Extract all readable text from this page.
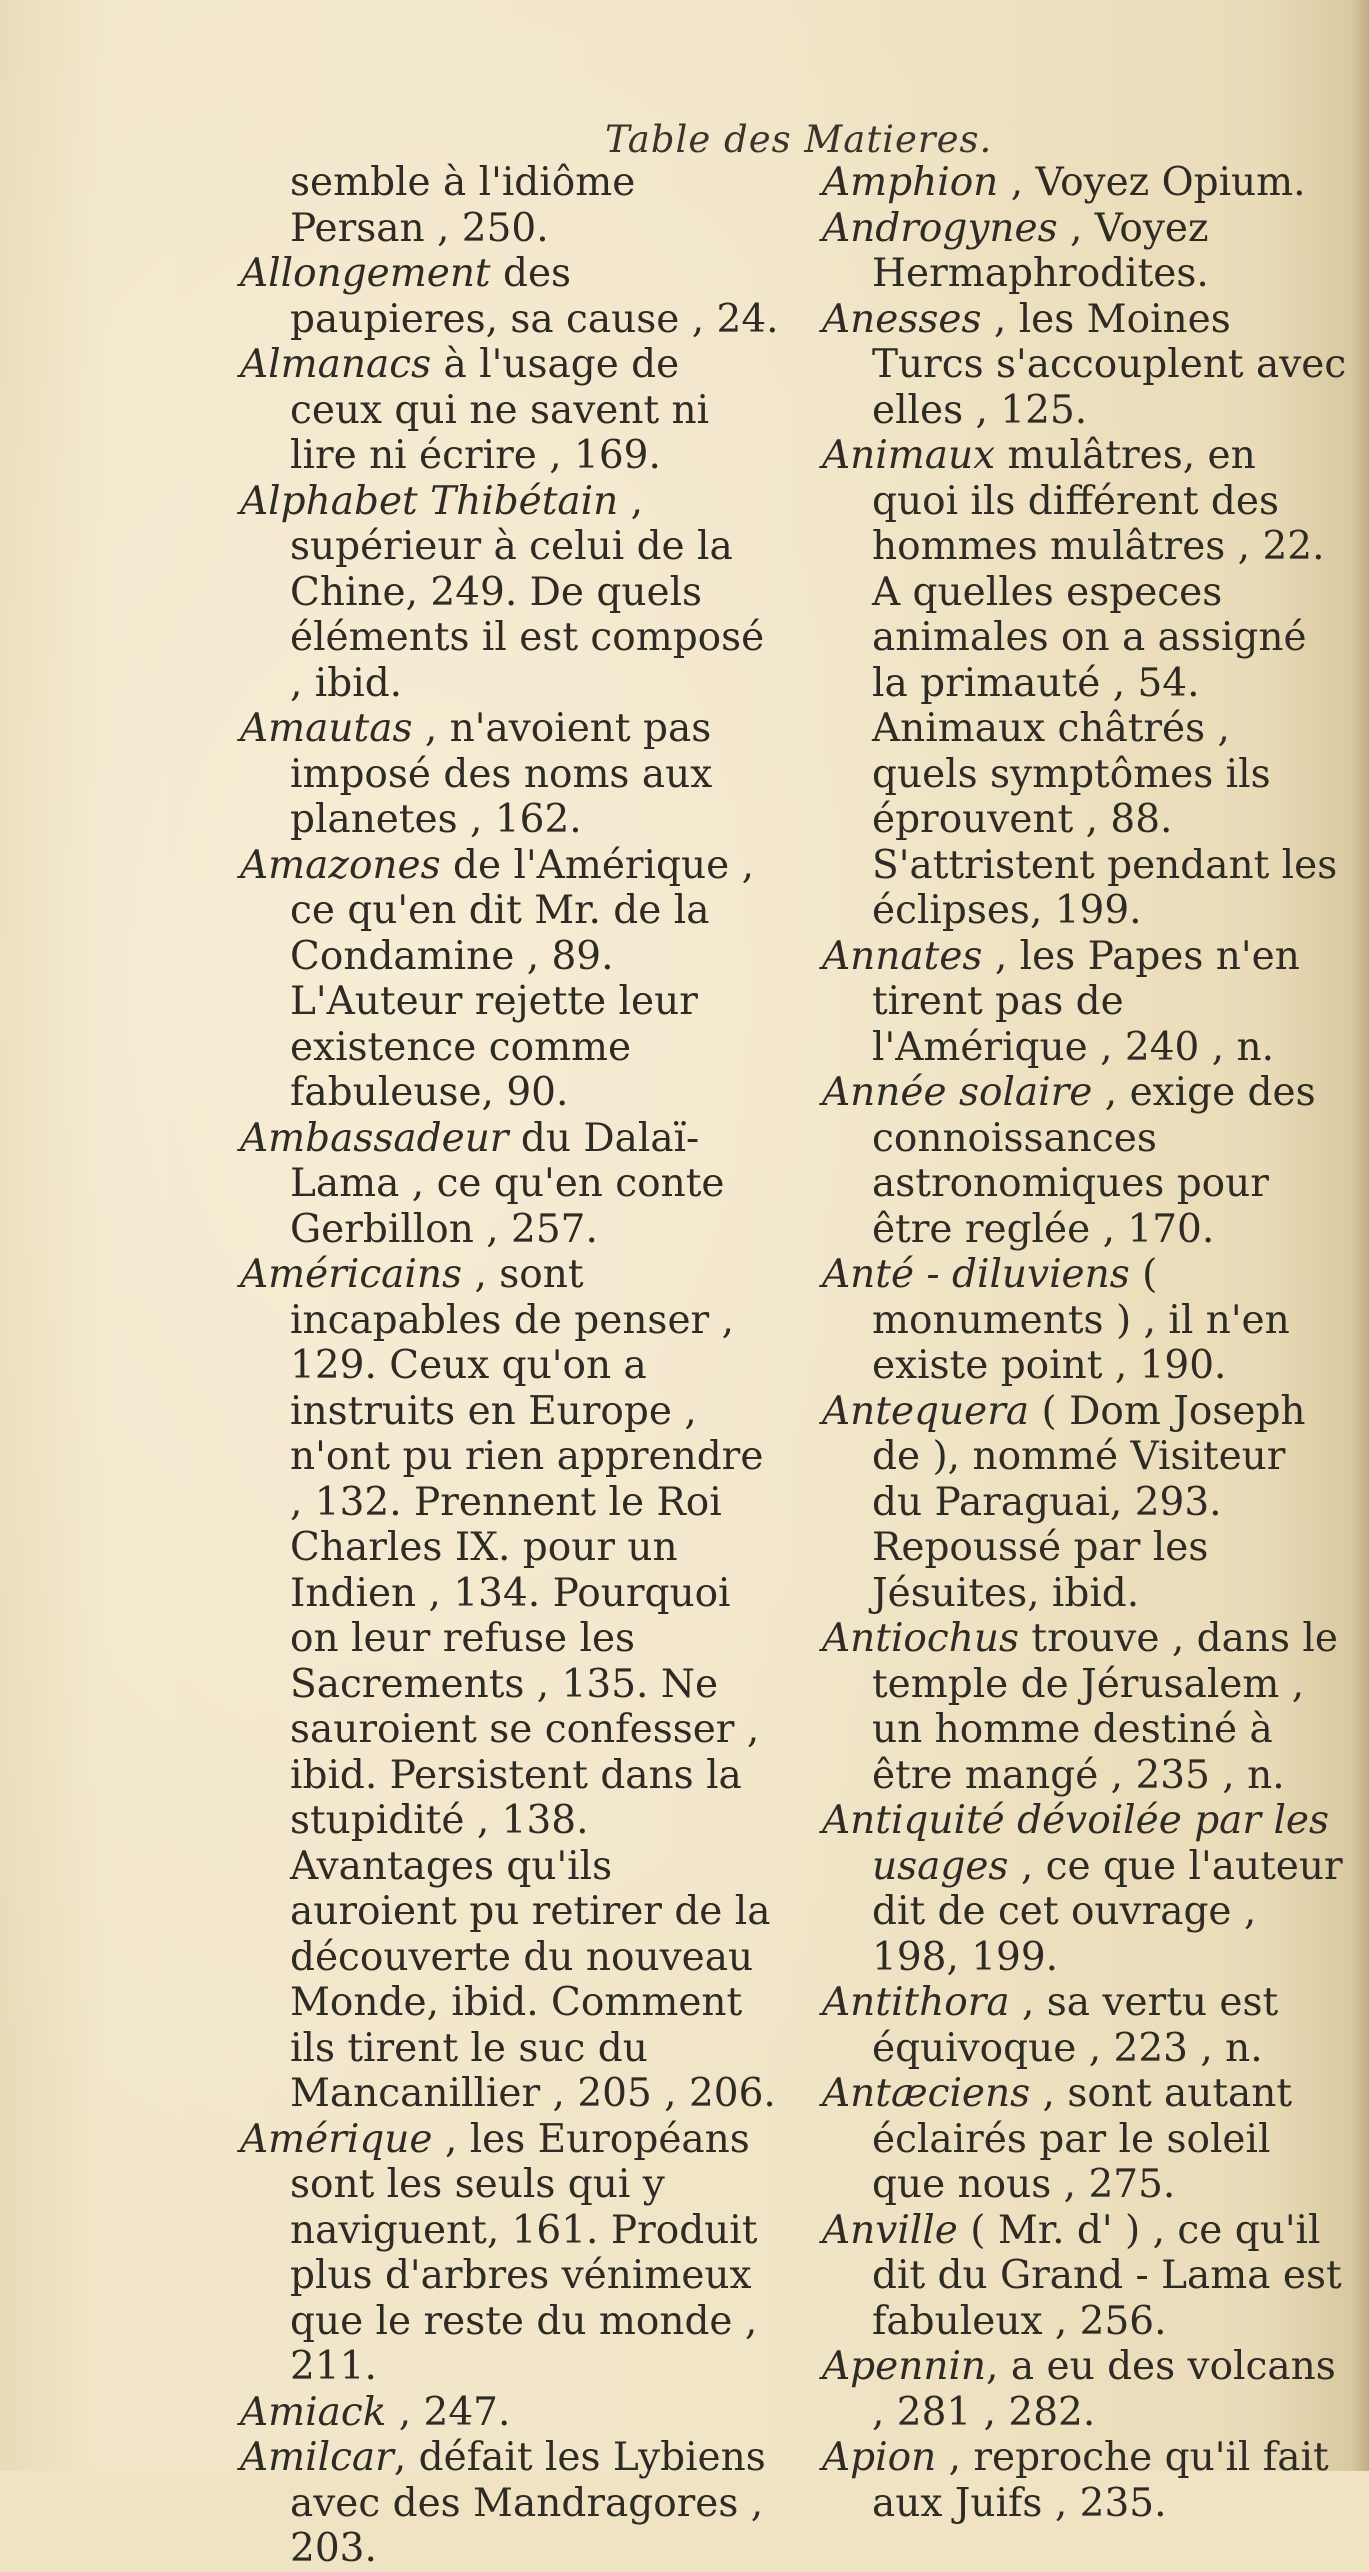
Table des Matieres.

semble à l'idiôme Persan , 250.

Allongement des paupieres, sa cause , 24.

Almanacs à l'usage de ceux qui ne savent ni lire ni écrire , 169.

Alphabet Thibétain , supérieur à celui de la Chine, 249. De quels éléments il est composé , ibid.

Amautas , n'avoient pas imposé des noms aux planetes , 162.

Amazones de l'Amérique , ce qu'en dit Mr. de la Condamine , 89. L'Auteur rejette leur existence comme fabuleuse, 90.

Ambassadeur du Dalaï-Lama , ce qu'en conte Gerbillon , 257.

Américains , sont incapables de penser , 129. Ceux qu'on a instruits en Europe , n'ont pu rien apprendre , 132. Prennent le Roi Charles IX. pour un Indien , 134. Pourquoi on leur refuse les Sacrements , 135. Ne sauroient se confesser , ibid. Persistent dans la stupidité , 138. Avantages qu'ils auroient pu retirer de la découverte du nouveau Monde, ibid. Comment ils tirent le suc du Mancanillier , 205 , 206.

Amérique , les Européans sont les seuls qui y naviguent, 161. Produit plus d'arbres vénimeux que le reste du monde , 211.

Amiack , 247.

Amilcar, défait les Lybiens avec des Mandragores , 203.

Amphion , Voyez Opium.

Androgynes , Voyez Hermaphrodites.

Anesses , les Moines Turcs s'accouplent avec elles , 125.

Animaux mulâtres, en quoi ils différent des hommes mulâtres , 22. A quelles especes animales on a assigné la primauté , 54. Animaux châtrés , quels symptômes ils éprouvent , 88. S'attristent pendant les éclipses, 199.

Annates , les Papes n'en tirent pas de l'Amérique , 240 , n.

Année solaire , exige des connoissances astronomiques pour être reglée , 170.

Anté - diluviens ( monuments ) , il n'en existe point , 190.

Antequera ( Dom Joseph de ), nommé Visiteur du Paraguai, 293. Repoussé par les Jésuites, ibid.

Antiochus trouve , dans le temple de Jérusalem , un homme destiné à être mangé , 235 , n.

Antiquité dévoilée par les usages , ce que l'auteur dit de cet ouvrage , 198, 199.

Antithora , sa vertu est équivoque , 223 , n.

Antæciens , sont autant éclairés par le soleil que nous , 275.

Anville ( Mr. d' ) , ce qu'il dit du Grand - Lama est fabuleux , 256.

Apennin, a eu des volcans , 281 , 282.

Apion , reproche qu'il fait aux Juifs , 235.
